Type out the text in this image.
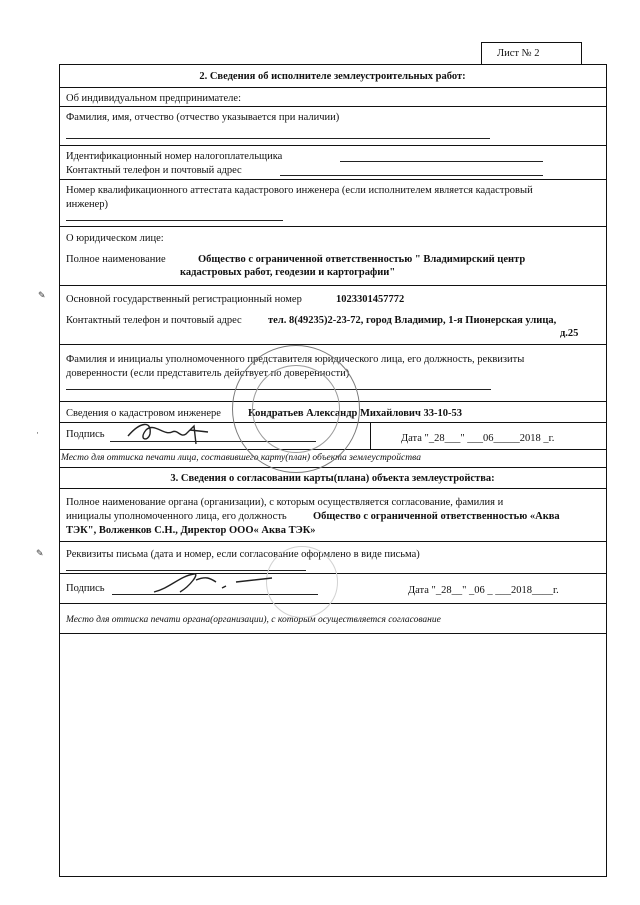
Лист № 2
2. Сведения об исполнителе землеустроительных работ:
Об индивидуальном предпринимателе:
Фамилия, имя, отчество (отчество указывается при наличии)
Идентификационный номер налогоплательщика
Контактный телефон и почтовый адрес
Номер квалификационного аттестата кадастрового инженера (если исполнителем является кадастровый
инженер)
О юридическом лице:
Полное наименование	Общество с ограниченной ответственностью " Владимирский центр
кадастровых работ, геодезии и картографии"
Основной государственный регистрационный номер	1023301457772
Контактный телефон и почтовый адрес	тел. 8(49235)2-23-72, город Владимир, 1-я Пионерская улица,
д.25
Фамилия и инициалы уполномоченного представителя юридического лица, его должность, реквизиты
доверенности (если представитель действует по доверенности)
Сведения о кадастровом инженере	Кондратьев Александр Михайлович 33-10-53
Подпись	Дата "_28___" ___06_____2018 _г.
Место для оттиска печати лица, составившего карту(план) объекта землеустройства
3. Сведения о согласовании карты(плана) объекта землеустройства:
Полное наименование органа (организации), с которым осуществляется согласование, фамилия и
инициалы уполномоченного лица, его должность	Общество с ограниченной ответственностью «Аква
ТЭК", Волженков С.Н., Директор ООО« Аква ТЭК»
Реквизиты письма (дата и номер, если согласование оформлено в виде письма)
Подпись	Дата "_28__" _06 _ ___2018____г.
Место для оттиска печати органа(организации), с которым осуществляется согласование
✎
✎
·
